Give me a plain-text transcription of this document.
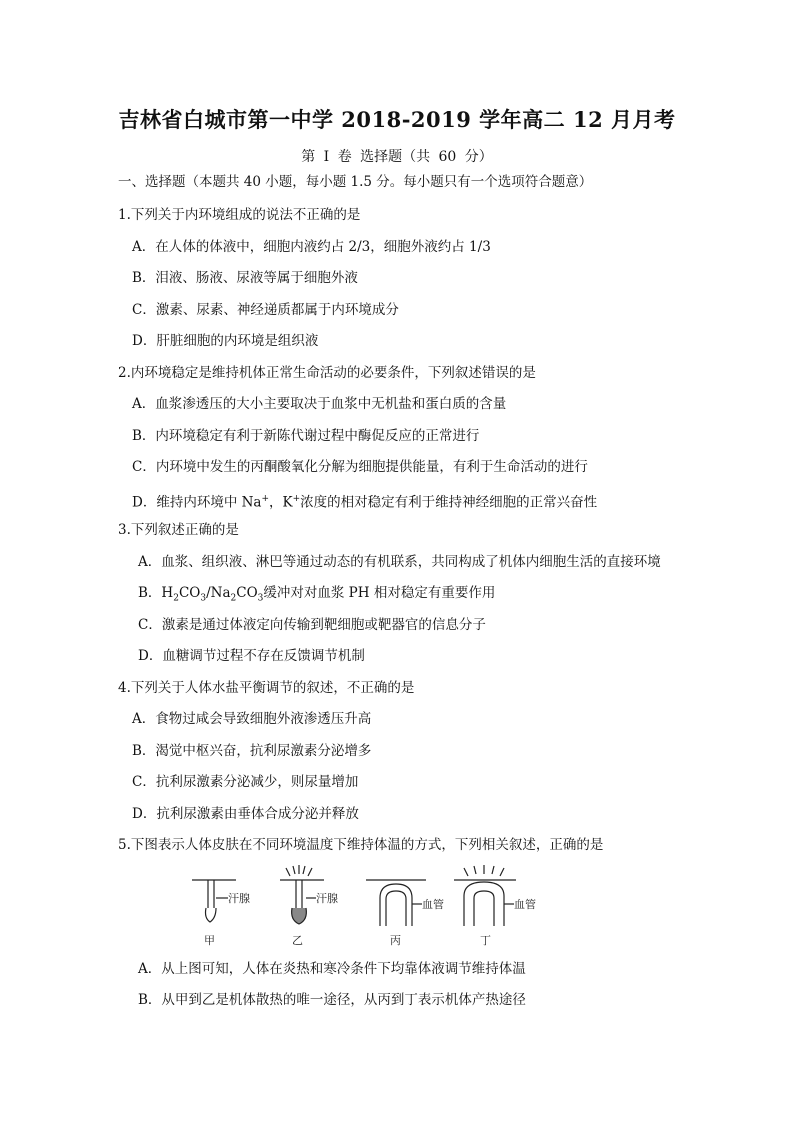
吉林省白城市第一中学 2018-2019 学年高二 12 月月考
第 Ⅰ 卷 选择题（共 60 分）
一、选择题（本题共 40 小题，每小题 1.5 分。每小题只有一个选项符合题意）
1.下列关于内环境组成的说法不正确的是
A．在人体的体液中，细胞内液约占 2/3，细胞外液约占 1/3
B．泪液、肠液、尿液等属于细胞外液
C．激素、尿素、神经递质都属于内环境成分
D．肝脏细胞的内环境是组织液
2.内环境稳定是维持机体正常生命活动的必要条件，下列叙述错误的是
A．血浆渗透压的大小主要取决于血浆中无机盐和蛋白质的含量
B．内环境稳定有利于新陈代谢过程中酶促反应的正常进行
C．内环境中发生的丙酮酸氧化分解为细胞提供能量，有利于生命活动的进行
D．维持内环境中 Na+，K+浓度的相对稳定有利于维持神经细胞的正常兴奋性
3.下列叙述正确的是
A．血浆、组织液、淋巴等通过动态的有机联系，共同构成了机体内细胞生活的直接环境
B．$H_2CO_3/Na_2CO_3$缓冲对对血浆 PH 相对稳定有重要作用
C．激素是通过体液定向传输到靶细胞或靶器官的信息分子
D．血糖调节过程不存在反馈调节机制
4.下列关于人体水盐平衡调节的叙述，不正确的是
A．食物过咸会导致细胞外液渗透压升高
B．渴觉中枢兴奋，抗利尿激素分泌增多
C．抗利尿激素分泌减少，则尿量增加
D．抗利尿激素由垂体合成分泌并释放
5.下图表示人体皮肤在不同环境温度下维持体温的方式，下列相关叙述，正确的是
汗腺
甲
汗腺
乙
血管
丙
血管
丁
A．从上图可知，人体在炎热和寒冷条件下均靠体液调节维持体温
B．从甲到乙是机体散热的唯一途径，从丙到丁表示机体产热途径
